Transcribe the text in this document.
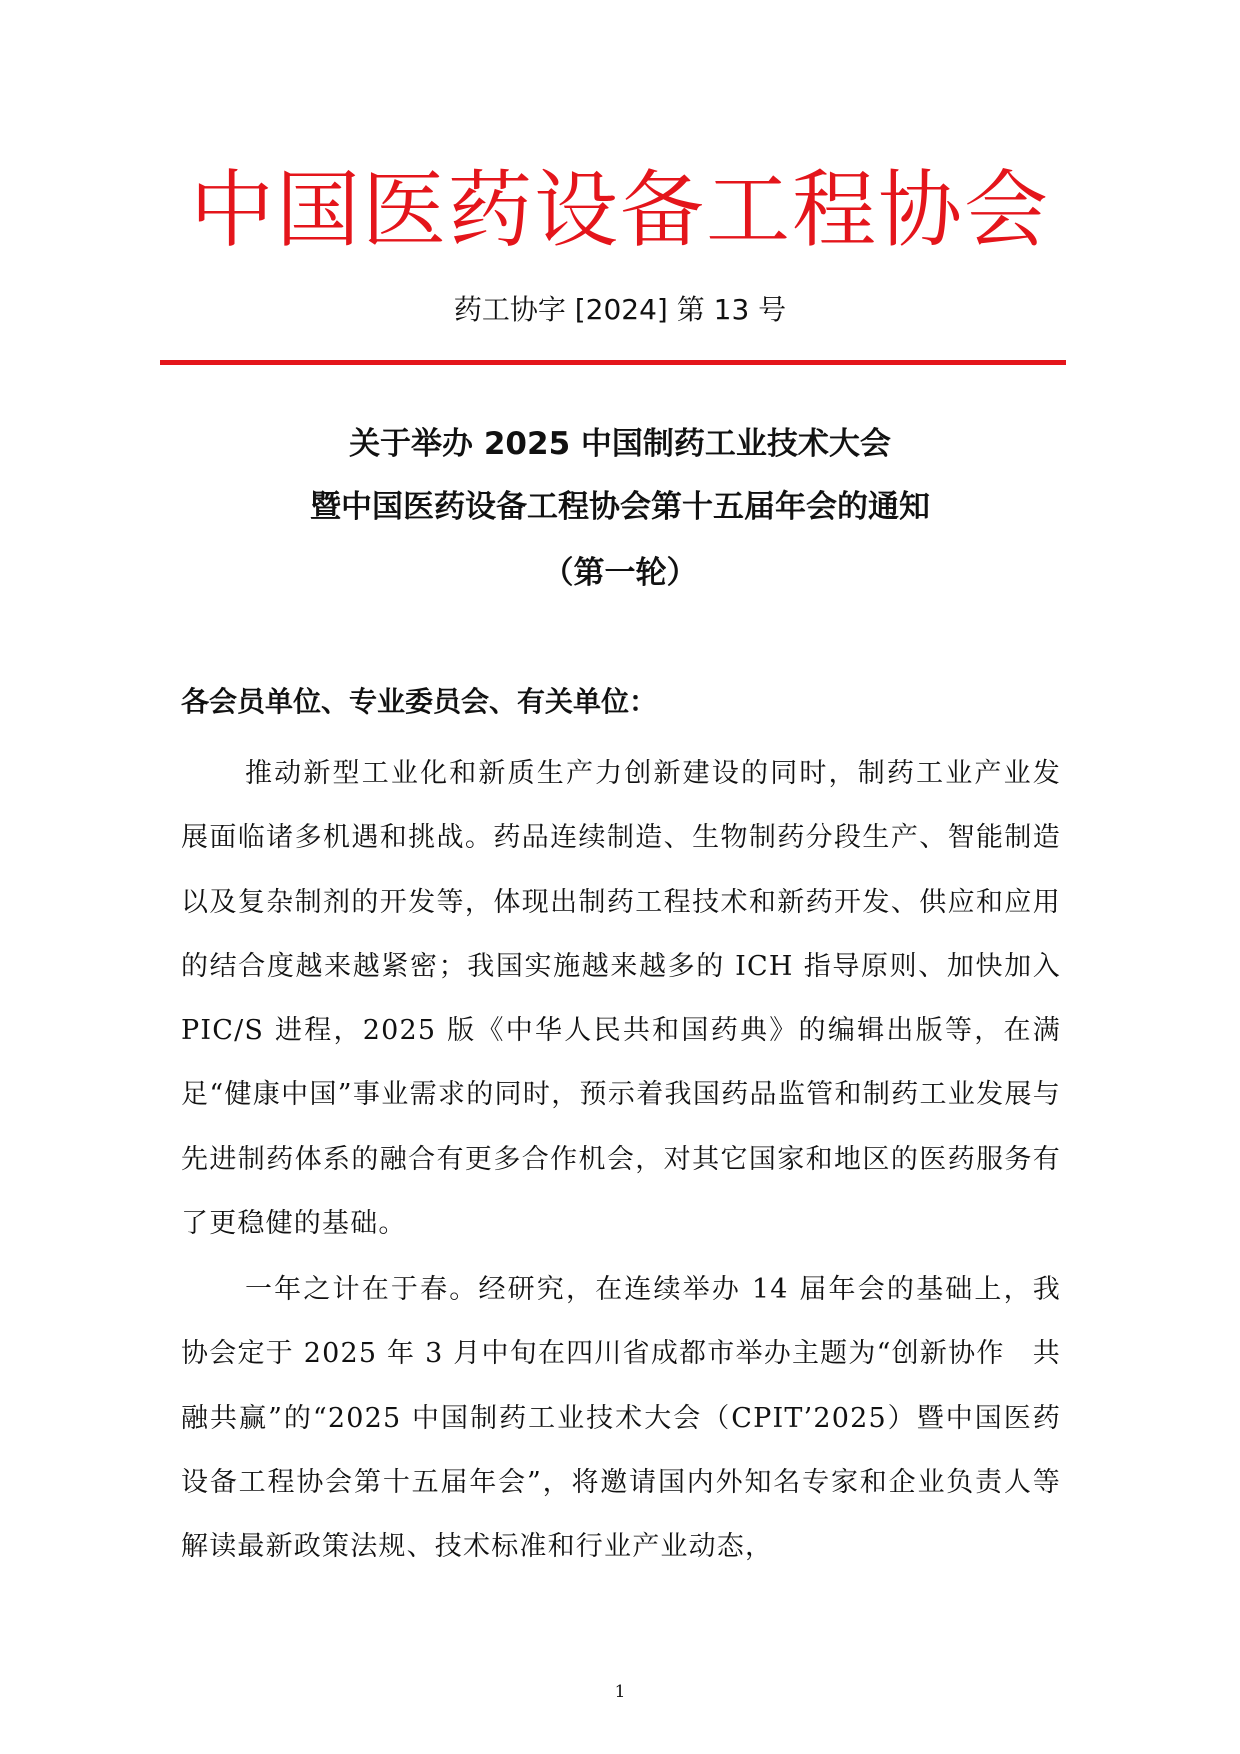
中国医药设备工程协会
药工协字 [2024] 第 13 号
关于举办 2025 中国制药工业技术大会
暨中国医药设备工程协会第十五届年会的通知
（第一轮）
各会员单位、专业委员会、有关单位：

推动新型工业化和新质生产力创新建设的同时，制药工业产业发展面临诸多机遇和挑战。药品连续制造、生物制药分段生产、智能制造以及复杂制剂的开发等，体现出制药工程技术和新药开发、供应和应用的结合度越来越紧密；我国实施越来越多的 ICH 指导原则、加快加入 PIC/S 进程，2025 版《中华人民共和国药典》的编辑出版等，在满足“健康中国”事业需求的同时，预示着我国药品监管和制药工业发展与先进制药体系的融合有更多合作机会，对其它国家和地区的医药服务有了更稳健的基础。

一年之计在于春。经研究，在连续举办 14 届年会的基础上，我协会定于 2025 年 3 月中旬在四川省成都市举办主题为“创新协作　共融共赢”的“2025 中国制药工业技术大会（CPIT’2025）暨中国医药设备工程协会第十五届年会”，将邀请国内外知名专家和企业负责人等解读最新政策法规、技术标准和行业产业动态，

1
